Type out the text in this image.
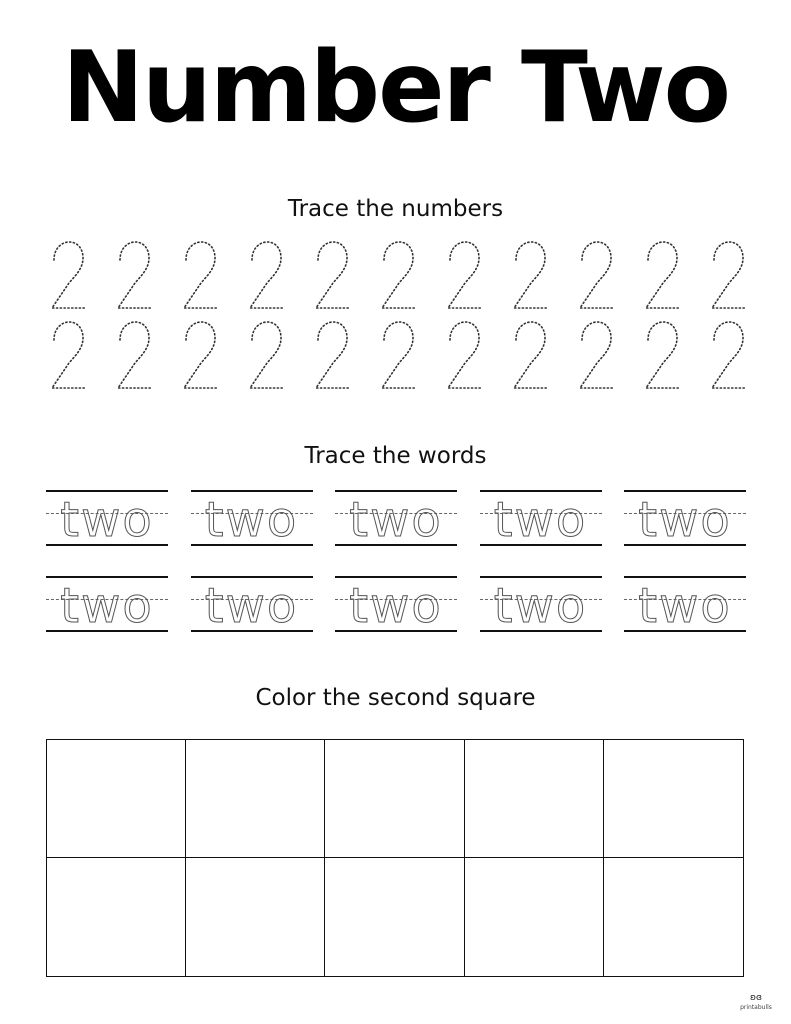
Number Two
Trace the numbers
Trace the words
two two two two two
two two two two two
Color the second square
ʚɞ
printabulls
